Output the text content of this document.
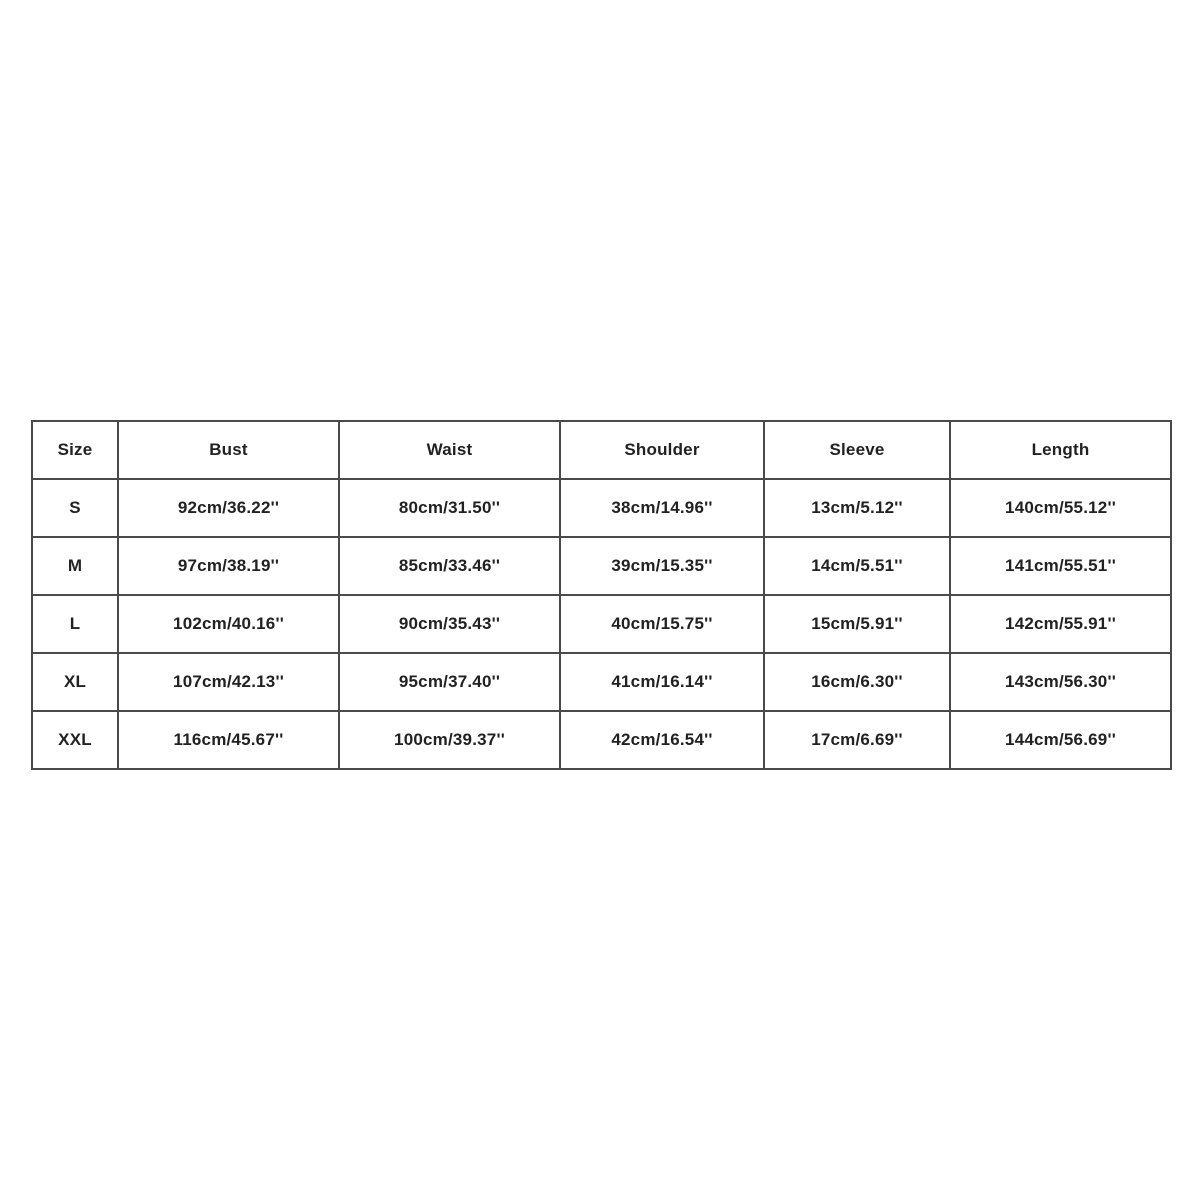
Size	Bust	Waist	Shoulder	Sleeve	Length
S	92cm/36.22''	80cm/31.50''	38cm/14.96''	13cm/5.12''	140cm/55.12''
M	97cm/38.19''	85cm/33.46''	39cm/15.35''	14cm/5.51''	141cm/55.51''
L	102cm/40.16''	90cm/35.43''	40cm/15.75''	15cm/5.91''	142cm/55.91''
XL	107cm/42.13''	95cm/37.40''	41cm/16.14''	16cm/6.30''	143cm/56.30''
XXL	116cm/45.67''	100cm/39.37''	42cm/16.54''	17cm/6.69''	144cm/56.69''
